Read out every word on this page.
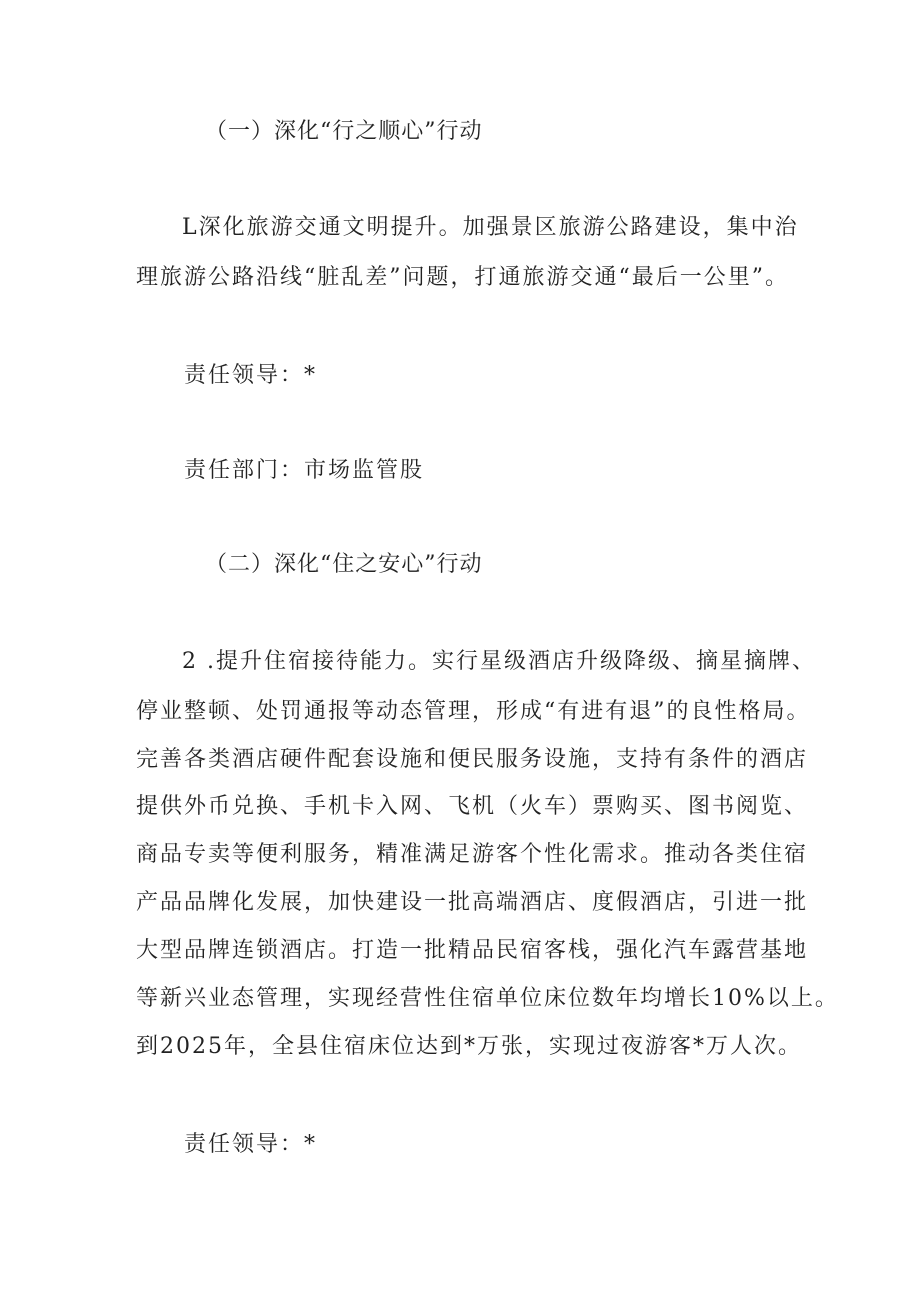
（一）深化“行之顺心”行动
L深化旅游交通文明提升。加强景区旅游公路建设，集中治
理旅游公路沿线“脏乱差”问题，打通旅游交通“最后一公里”。
责任领导：*
责任部门：市场监管股
（二）深化“住之安心”行动
2 .提升住宿接待能力。实行星级酒店升级降级、摘星摘牌、
停业整顿、处罚通报等动态管理，形成“有进有退”的良性格局。
完善各类酒店硬件配套设施和便民服务设施，支持有条件的酒店
提供外币兑换、手机卡入网、飞机（火车）票购买、图书阅览、
商品专卖等便利服务，精准满足游客个性化需求。推动各类住宿
产品品牌化发展，加快建设一批高端酒店、度假酒店，引进一批
大型品牌连锁酒店。打造一批精品民宿客栈，强化汽车露营基地
等新兴业态管理，实现经营性住宿单位床位数年均增长10%以上。
到2025年，全县住宿床位达到*万张，实现过夜游客*万人次。
责任领导：*
